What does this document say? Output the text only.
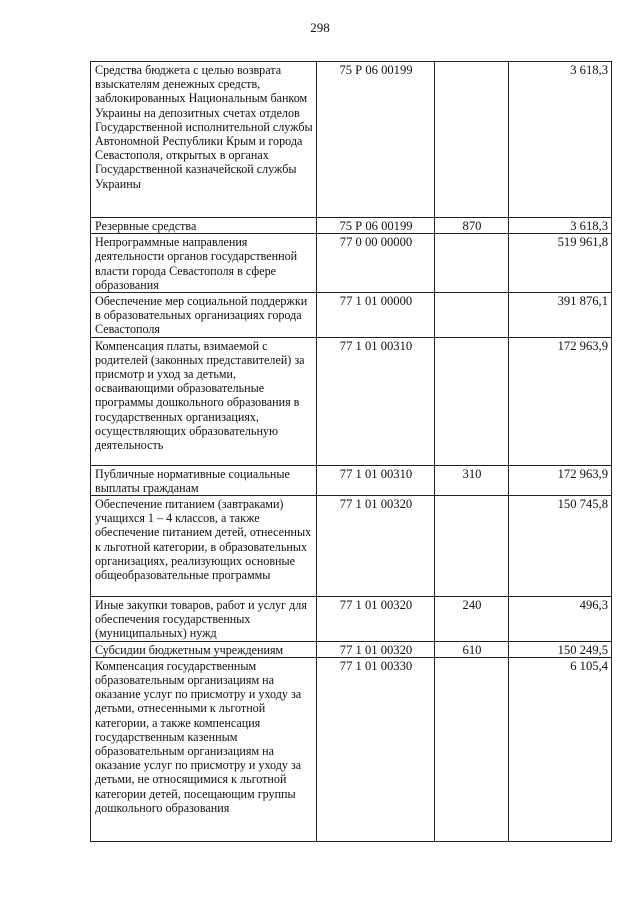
298
Средства бюджета с целью возврата взыскателям денежных средств, заблокированных Национальным банком Украины на депозитных счетах отделов Государственной исполнительной службы Автономной Республики Крым и города Севастополя, открытых в органах Государственной казначейской службы Украины	75 Р 06 00199		3 618,3
Резервные средства	75 Р 06 00199	870	3 618,3
Непрограммные направления деятельности органов государственной власти города Севастополя в сфере образования	77 0 00 00000		519 961,8
Обеспечение мер социальной поддержки в образовательных организациях города Севастополя	77 1 01 00000		391 876,1
Компенсация платы, взимаемой с родителей (законных представителей) за присмотр и уход за детьми, осваивающими образовательные программы дошкольного образования в государственных организациях, осуществляющих образовательную деятельность	77 1 01 00310		172 963,9
Публичные нормативные социальные выплаты гражданам	77 1 01 00310	310	172 963,9
Обеспечение питанием (завтраками) учащихся 1 – 4 классов, а также обеспечение питанием детей, отнесенных к льготной категории, в образовательных организациях, реализующих основные общеобразовательные программы	77 1 01 00320		150 745,8
Иные закупки товаров, работ и услуг для обеспечения государственных (муниципальных) нужд	77 1 01 00320	240	496,3
Субсидии бюджетным учреждениям	77 1 01 00320	610	150 249,5
Компенсация государственным образовательным организациям на оказание услуг по присмотру и уходу за детьми, отнесенными к льготной категории, а также компенсация государственным казенным образовательным организациям на оказание услуг по присмотру и уходу за детьми, не относящимися к льготной категории детей, посещающим группы дошкольного образования	77 1 01 00330		6 105,4
